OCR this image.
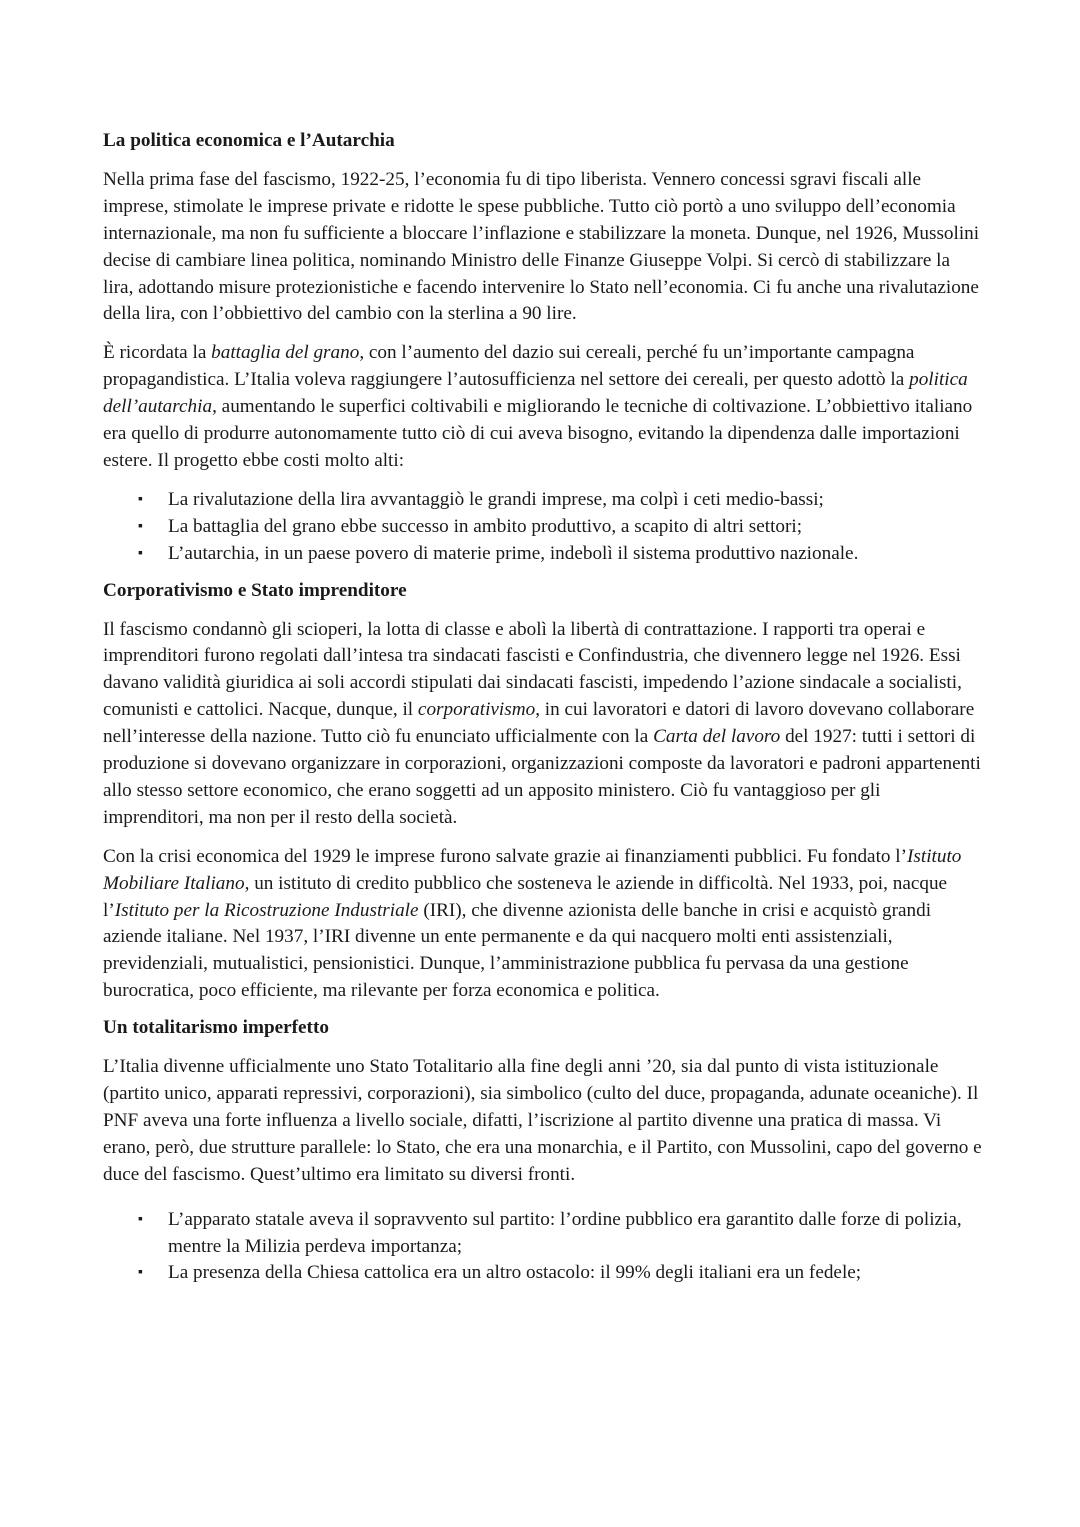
La politica economica e l’Autarchia

Nella prima fase del fascismo, 1922-25, l’economia fu di tipo liberista. Vennero concessi sgravi fiscali alle imprese, stimolate le imprese private e ridotte le spese pubbliche. Tutto ciò portò a uno sviluppo dell’economia internazionale, ma non fu sufficiente a bloccare l’inflazione e stabilizzare la moneta. Dunque, nel 1926, Mussolini decise di cambiare linea politica, nominando Ministro delle Finanze Giuseppe Volpi. Si cercò di stabilizzare la lira, adottando misure protezionistiche e facendo intervenire lo Stato nell’economia. Ci fu anche una rivalutazione della lira, con l’obbiettivo del cambio con la sterlina a 90 lire.

È ricordata la battaglia del grano, con l’aumento del dazio sui cereali, perché fu un’importante campagna propagandistica. L’Italia voleva raggiungere l’autosufficienza nel settore dei cereali, per questo adottò la politica dell’autarchia, aumentando le superfici coltivabili e migliorando le tecniche di coltivazione. L’obbiettivo italiano era quello di produrre autonomamente tutto ciò di cui aveva bisogno, evitando la dipendenza dalle importazioni estere. Il progetto ebbe costi molto alti:

▪ La rivalutazione della lira avvantaggiò le grandi imprese, ma colpì i ceti medio-bassi;
▪ La battaglia del grano ebbe successo in ambito produttivo, a scapito di altri settori;
▪ L’autarchia, in un paese povero di materie prime, indebolì il sistema produttivo nazionale.
Corporativismo e Stato imprenditore

Il fascismo condannò gli scioperi, la lotta di classe e abolì la libertà di contrattazione. I rapporti tra operai e imprenditori furono regolati dall’intesa tra sindacati fascisti e Confindustria, che divennero legge nel 1926. Essi davano validità giuridica ai soli accordi stipulati dai sindacati fascisti, impedendo l’azione sindacale a socialisti, comunisti e cattolici. Nacque, dunque, il corporativismo, in cui lavoratori e datori di lavoro dovevano collaborare nell’interesse della nazione. Tutto ciò fu enunciato ufficialmente con la Carta del lavoro del 1927: tutti i settori di produzione si dovevano organizzare in corporazioni, organizzazioni composte da lavoratori e padroni appartenenti allo stesso settore economico, che erano soggetti ad un apposito ministero. Ciò fu vantaggioso per gli imprenditori, ma non per il resto della società.

Con la crisi economica del 1929 le imprese furono salvate grazie ai finanziamenti pubblici. Fu fondato l’Istituto Mobiliare Italiano, un istituto di credito pubblico che sosteneva le aziende in difficoltà. Nel 1933, poi, nacque l’Istituto per la Ricostruzione Industriale (IRI), che divenne azionista delle banche in crisi e acquistò grandi aziende italiane. Nel 1937, l’IRI divenne un ente permanente e da qui nacquero molti enti assistenziali, previdenziali, mutualistici, pensionistici. Dunque, l’amministrazione pubblica fu pervasa da una gestione burocratica, poco efficiente, ma rilevante per forza economica e politica.

Un totalitarismo imperfetto

L’Italia divenne ufficialmente uno Stato Totalitario alla fine degli anni ’20, sia dal punto di vista istituzionale (partito unico, apparati repressivi, corporazioni), sia simbolico (culto del duce, propaganda, adunate oceaniche). Il PNF aveva una forte influenza a livello sociale, difatti, l’iscrizione al partito divenne una pratica di massa. Vi erano, però, due strutture parallele: lo Stato, che era una monarchia, e il Partito, con Mussolini, capo del governo e duce del fascismo. Quest’ultimo era limitato su diversi fronti.

▪ L’apparato statale aveva il sopravvento sul partito: l’ordine pubblico era garantito dalle forze di polizia, mentre la Milizia perdeva importanza;
▪ La presenza della Chiesa cattolica era un altro ostacolo: il 99% degli italiani era un fedele;
